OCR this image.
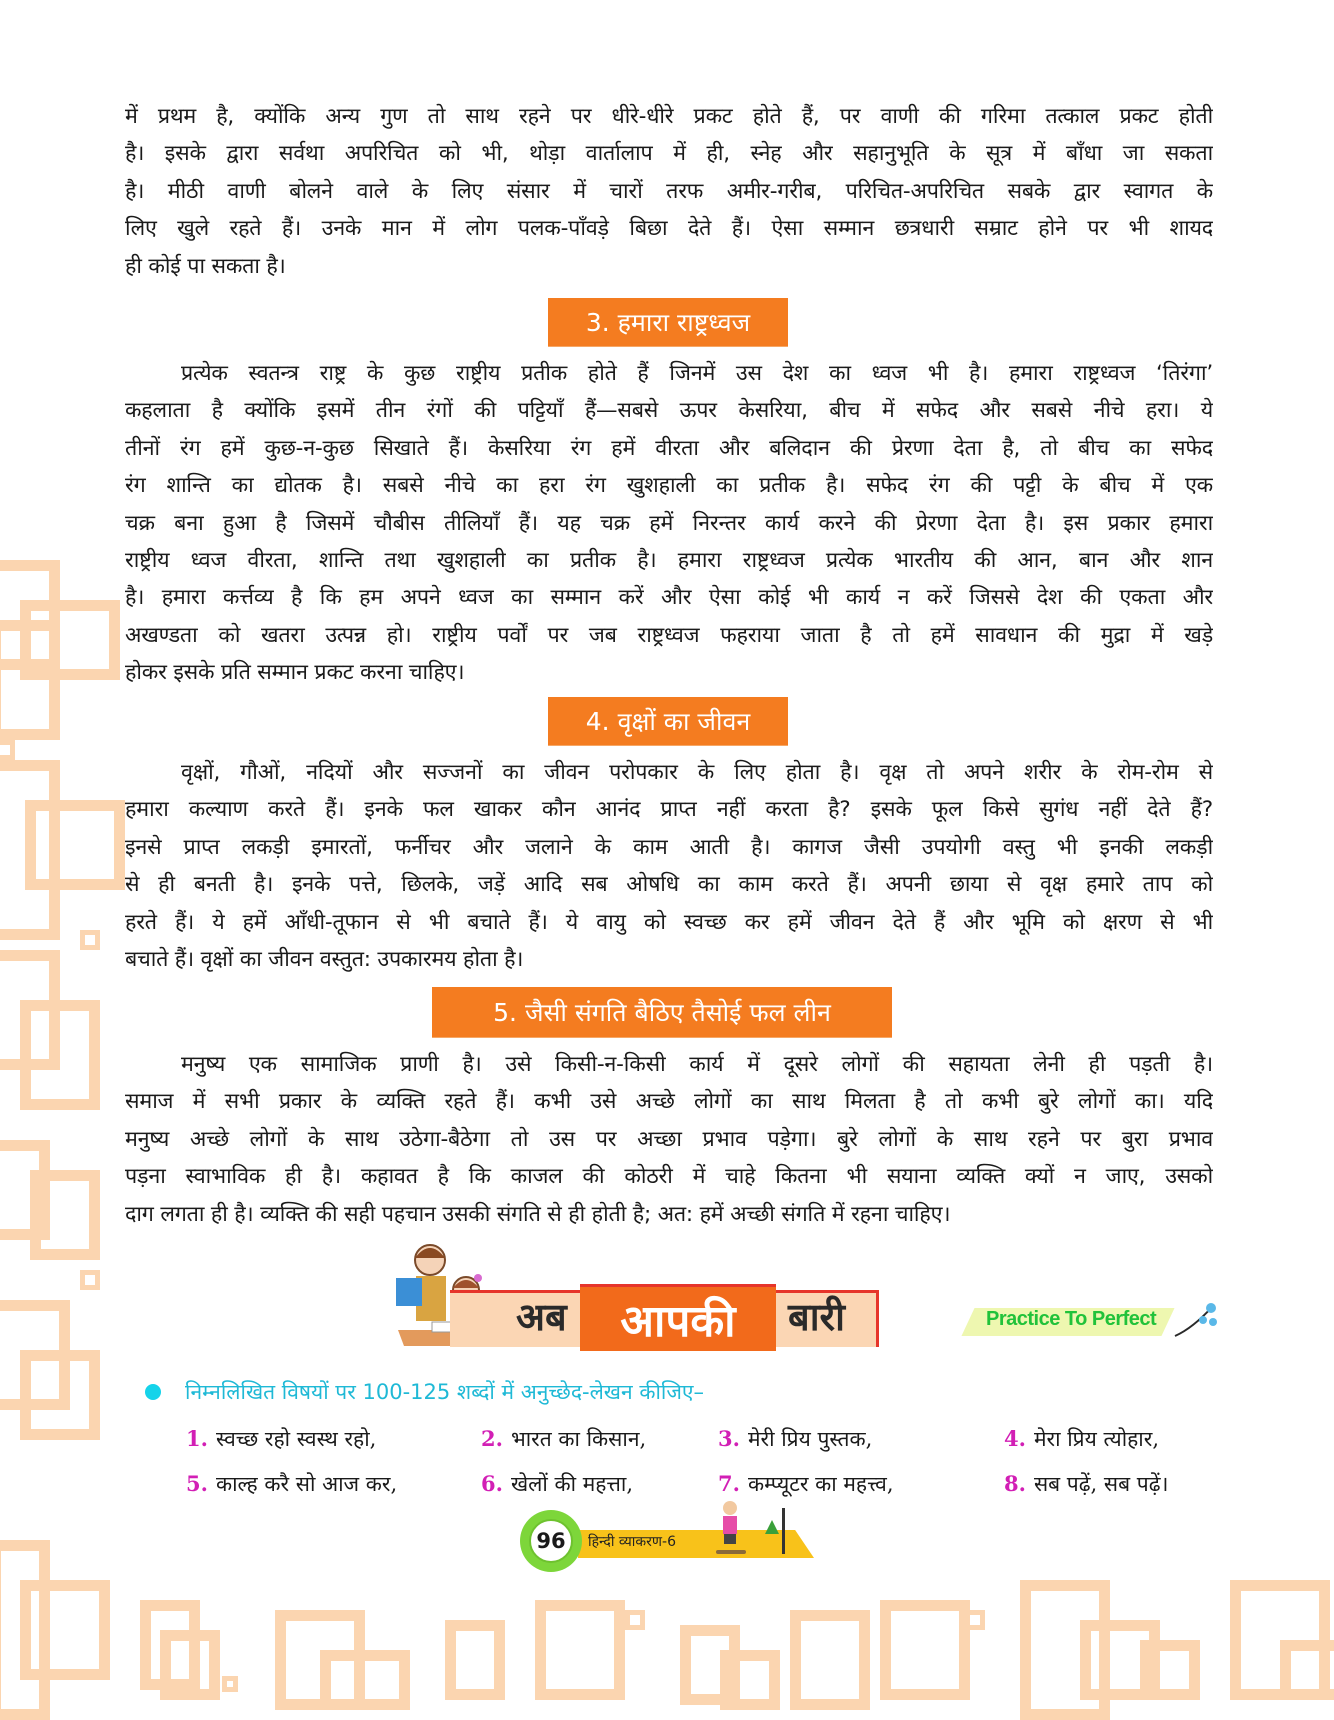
में प्रथम है, क्योंकि अन्य गुण तो साथ रहने पर धीरे-धीरे प्रकट होते हैं, पर वाणी की गरिमा तत्काल प्रकट होती
है। इसके द्वारा सर्वथा अपरिचित को भी, थोड़ा वार्तालाप में ही, स्नेह और सहानुभूति के सूत्र में बाँधा जा सकता
है। मीठी वाणी बोलने वाले के लिए संसार में चारों तरफ अमीर-गरीब, परिचित-अपरिचित सबके द्वार स्वागत के
लिए खुले रहते हैं। उनके मान में लोग पलक-पाँवड़े बिछा देते हैं। ऐसा सम्मान छत्रधारी सम्राट होने पर भी शायद
ही कोई पा सकता है।
3. हमारा राष्ट्रध्वज
प्रत्येक स्वतन्त्र राष्ट्र के कुछ राष्ट्रीय प्रतीक होते हैं जिनमें उस देश का ध्वज भी है। हमारा राष्ट्रध्वज ‘तिरंगा’
कहलाता है क्योंकि इसमें तीन रंगों की पट्टियाँ हैं—सबसे ऊपर केसरिया, बीच में सफेद और सबसे नीचे हरा। ये
तीनों रंग हमें कुछ-न-कुछ सिखाते हैं। केसरिया रंग हमें वीरता और बलिदान की प्रेरणा देता है, तो बीच का सफेद
रंग शान्ति का द्योतक है। सबसे नीचे का हरा रंग खुशहाली का प्रतीक है। सफेद रंग की पट्टी के बीच में एक
चक्र बना हुआ है जिसमें चौबीस तीलियाँ हैं। यह चक्र हमें निरन्तर कार्य करने की प्रेरणा देता है। इस प्रकार हमारा
राष्ट्रीय ध्वज वीरता, शान्ति तथा खुशहाली का प्रतीक है। हमारा राष्ट्रध्वज प्रत्येक भारतीय की आन, बान और शान
है। हमारा कर्त्तव्य है कि हम अपने ध्वज का सम्मान करें और ऐसा कोई भी कार्य न करें जिससे देश की एकता और
अखण्डता को खतरा उत्पन्न हो। राष्ट्रीय पर्वों पर जब राष्ट्रध्वज फहराया जाता है तो हमें सावधान की मुद्रा में खड़े
होकर इसके प्रति सम्मान प्रकट करना चाहिए।
4. वृक्षों का जीवन
वृक्षों, गौओं, नदियों और सज्जनों का जीवन परोपकार के लिए होता है। वृक्ष तो अपने शरीर के रोम-रोम से
हमारा कल्याण करते हैं। इनके फल खाकर कौन आनंद प्राप्त नहीं करता है? इसके फूल किसे सुगंध नहीं देते हैं?
इनसे प्राप्त लकड़ी इमारतों, फर्नीचर और जलाने के काम आती है। कागज जैसी उपयोगी वस्तु भी इनकी लकड़ी
से ही बनती है। इनके पत्ते, छिलके, जड़ें आदि सब ओषधि का काम करते हैं। अपनी छाया से वृक्ष हमारे ताप को
हरते हैं। ये हमें आँधी-तूफान से भी बचाते हैं। ये वायु को स्वच्छ कर हमें जीवन देते हैं और भूमि को क्षरण से भी
बचाते हैं। वृक्षों का जीवन वस्तुत: उपकारमय होता है।
5. जैसी संगति बैठिए तैसोई फल लीन
मनुष्य एक सामाजिक प्राणी है। उसे किसी-न-किसी कार्य में दूसरे लोगों की सहायता लेनी ही पड़ती है।
समाज में सभी प्रकार के व्यक्ति रहते हैं। कभी उसे अच्छे लोगों का साथ मिलता है तो कभी बुरे लोगों का। यदि
मनुष्य अच्छे लोगों के साथ उठेगा-बैठेगा तो उस पर अच्छा प्रभाव पड़ेगा। बुरे लोगों के साथ रहने पर बुरा प्रभाव
पड़ना स्वाभाविक ही है। कहावत है कि काजल की कोठरी में चाहे कितना भी सयाना व्यक्ति क्यों न जाए, उसको
दाग लगता ही है। व्यक्ति की सही पहचान उसकी संगति से ही होती है; अत: हमें अच्छी संगति में रहना चाहिए।
अब	आपकी	बारी	Practice To Perfect
निम्नलिखित विषयों पर 100-125 शब्दों में अनुच्छेद-लेखन कीजिए–
1. स्वच्छ रहो स्वस्थ रहो,	2. भारत का किसान,	3. मेरी प्रिय पुस्तक,	4. मेरा प्रिय त्योहार,
5. काल्ह करै सो आज कर,	6. खेलों की महत्ता,	7. कम्प्यूटर का महत्त्व,	8. सब पढ़ें, सब पढ़ें।
हिन्दी व्याकरण-6
96
